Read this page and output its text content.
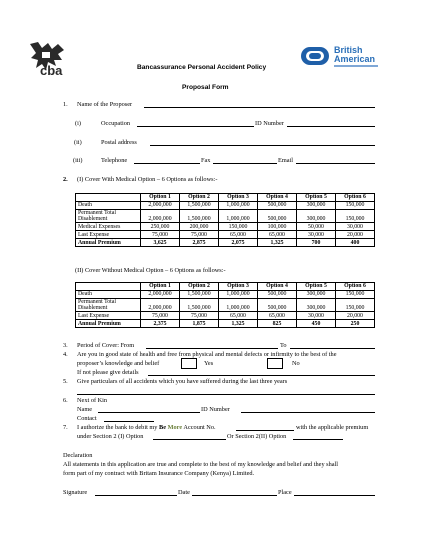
cba
British
American
Bancassurance Personal Accident Policy
Proposal Form
1. Name of the Proposer
(i)	Occupation	ID Number
(ii)	Postal address
(iii)	Telephone	Fax	Email
2. (I) Cover With Medical Option – 6 Options as follows:-
	Option 1	Option 2	Option 3	Option 4	Option 5	Option 6
Death	2,000,000	1,500,000	1,000,000	500,000	300,000	150,000
Permanent Total Disablement	2,000,000	1,500,000	1,000,000	500,000	300,000	150,000
Medical Expenses	250,000	200,000	150,000	100,000	50,000	30,000
Last Expense	75,000	75,000	65,000	65,000	30,000	20,000
Annual Premium	3,625	2,875	2,075	1,325	700	400
(II) Cover Without Medical Option – 6 Options as follows:-
	Option 1	Option 2	Option 3	Option 4	Option 5	Option 6
Death	2,000,000	1,500,000	1,000,000	500,000	300,000	150,000
Permanent Total Disablement	2,000,000	1,500,000	1,000,000	500,000	300,000	150,000
Last Expense	75,000	75,000	65,000	65,000	30,000	20,000
Annual Premium	2,375	1,875	1,325	825	450	250
3. Period of Cover: From	To
4. Are you in good state of health and free from physical and mental defects or infirmity to the best of the
proposer’s knowledge and belief	Yes	No
If not please give details
5. Give particulars of all accidents which you have suffered during the last three years
6. Next of Kin
Name	ID Number
Contact
7. I authorize the bank to debit my Be More Account No.	with the applicable premium
under Section 2 (I) Option	Or Section 2(II) Option
Declaration
All statements in this application are true and complete to the best of my knowledge and belief and they shall
form part of my contract with Britam Insurance Company (Kenya) Limited.
Signature	Date	Place
